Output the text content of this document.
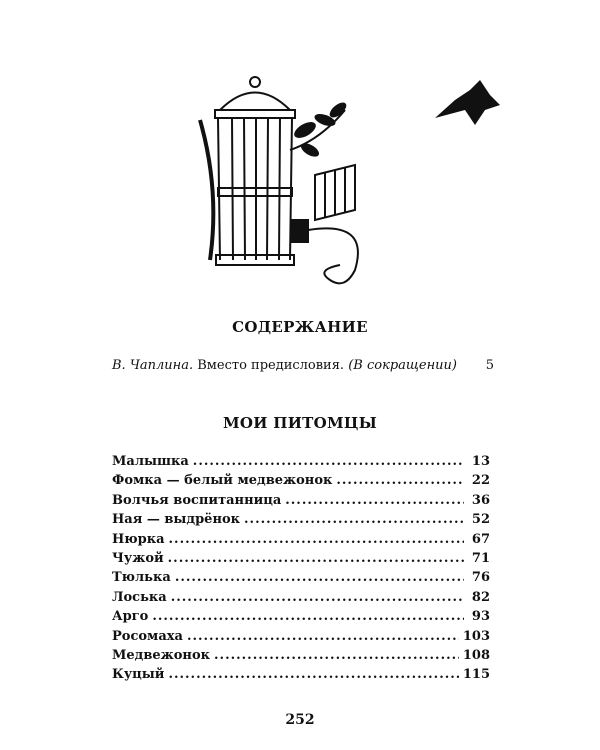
СОДЕРЖАНИЕ
В. Чаплина. Вместо предисловия. (В сокращении) 5
МОИ ПИТОМЦЫ
Малышка .....	13
Фомка — белый медвежонок .....	22
Волчья воспитанница .....	36
Ная — выдрёнок .....	52
Нюрка .....	67
Чужой .....	71
Тюлька .....	76
Лоська .....	82
Арго .....	93
Росомаха .....	103
Медвежонок .....	108
Куцый .....	115
252
